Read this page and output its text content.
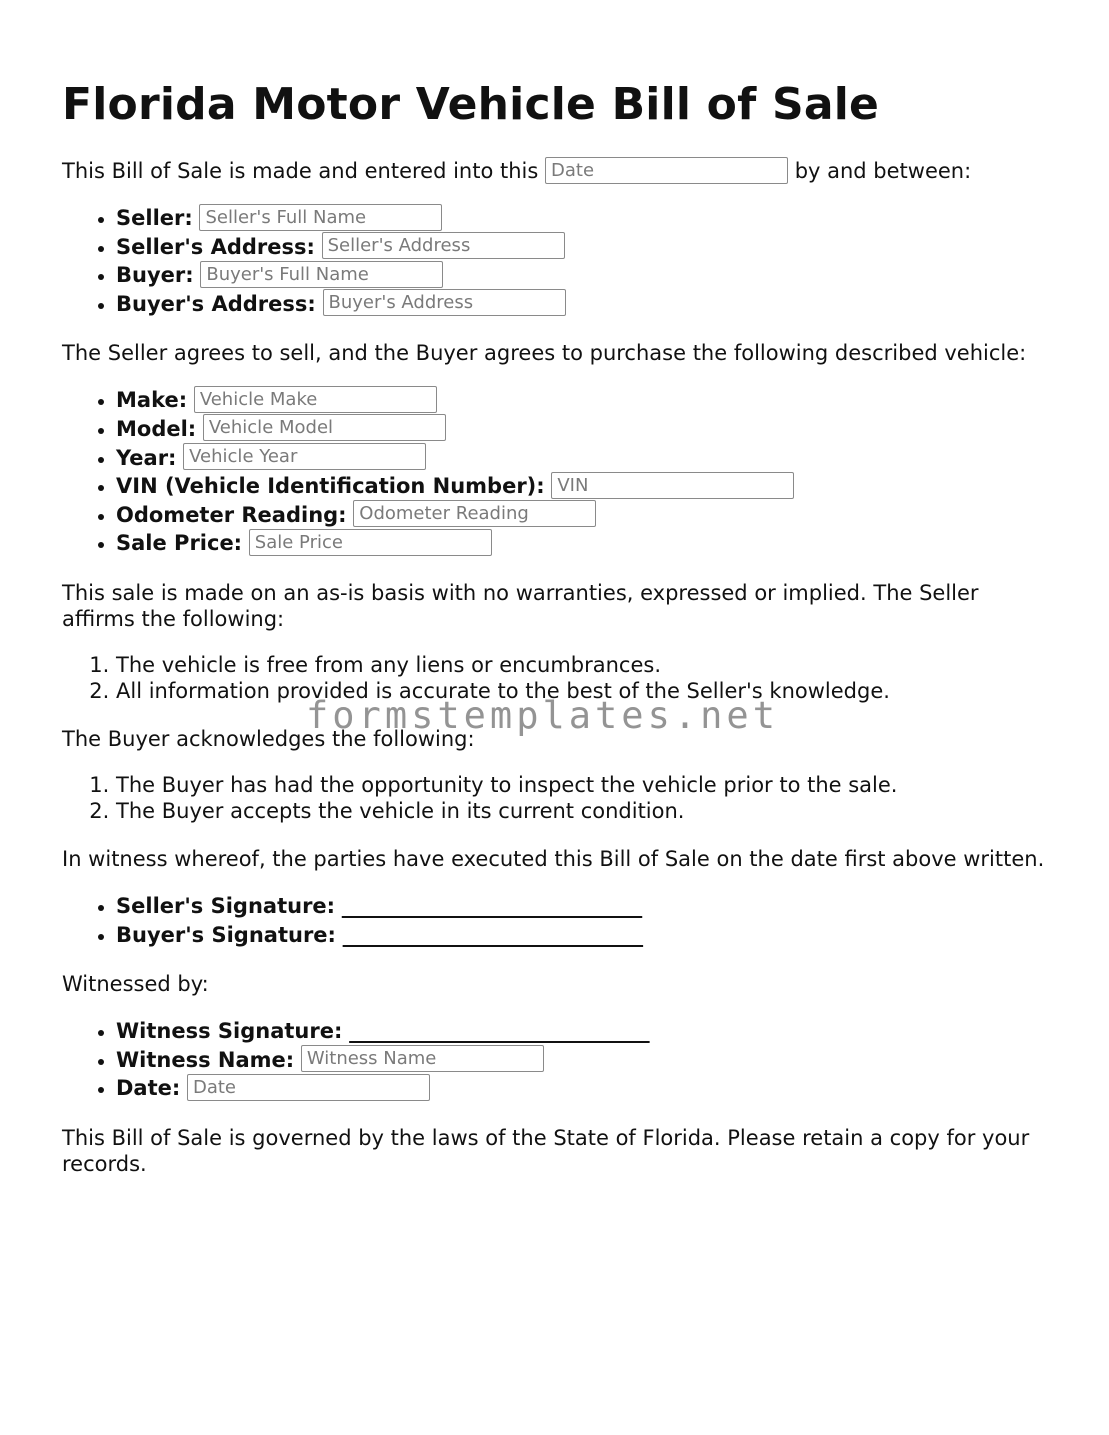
Florida Motor Vehicle Bill of Sale

This Bill of Sale is made and entered into this Date	by and between:

• Seller: Seller's Full Name
• Seller's Address: Seller's Address
• Buyer: Buyer's Full Name
• Buyer's Address: Buyer's Address

The Seller agrees to sell, and the Buyer agrees to purchase the following described vehicle:

• Make: Vehicle Make
• Model: Vehicle Model
• Year: Vehicle Year
• VIN (Vehicle Identification Number): VIN
• Odometer Reading: Odometer Reading
• Sale Price: Sale Price

This sale is made on an as-is basis with no warranties, expressed or implied. The Seller affirms the following:

1. The vehicle is free from any liens or encumbrances.
2. All information provided is accurate to the best of the Seller's knowledge.

The Buyer acknowledges the following:

1. The Buyer has had the opportunity to inspect the vehicle prior to the sale.
2. The Buyer accepts the vehicle in its current condition.

In witness whereof, the parties have executed this Bill of Sale on the date first above written.

• Seller's Signature: ______________________________
• Buyer's Signature: ______________________________

Witnessed by:

• Witness Signature: ______________________________
• Witness Name: Witness Name
• Date: Date

This Bill of Sale is governed by the laws of the State of Florida. Please retain a copy for your records.

formstemplates.net
